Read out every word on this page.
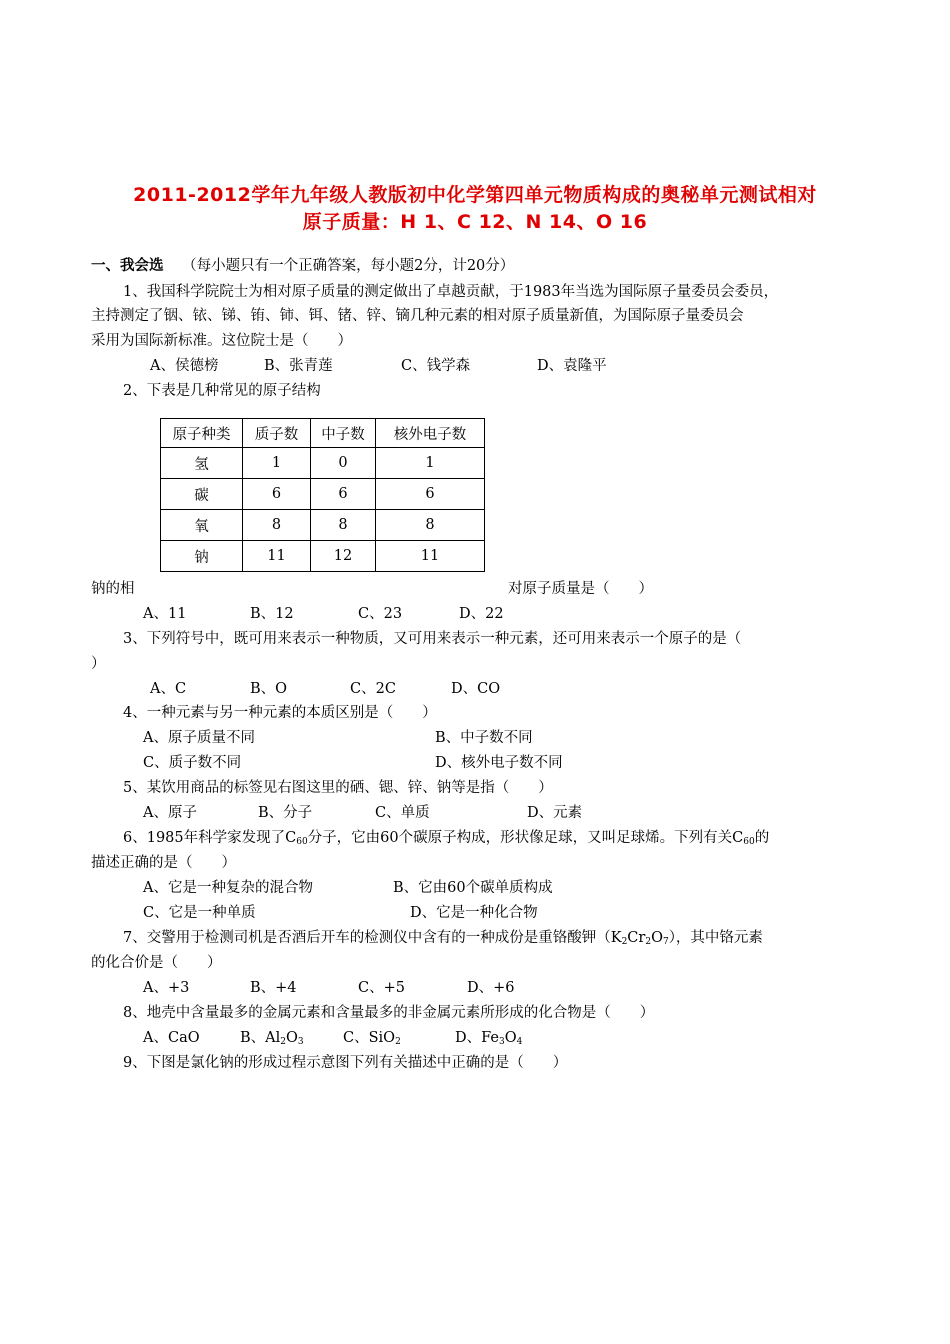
2011-2012学年九年级人教版初中化学第四单元物质构成的奥秘单元测试相对
原子质量：H 1、C 12、N 14、O 16
一、我会选 （每小题只有一个正确答案，每小题2分，计20分）
1、我国科学院院士为相对原子质量的测定做出了卓越贡献，于1983年当选为国际原子量委员会委员，
主持测定了铟、铱、锑、铕、铈、铒、锗、锌、镝几种元素的相对原子质量新值，为国际原子量委员会
采用为国际新标准。这位院士是（　　）
A、侯德榜	B、张青莲	C、钱学森	D、袁隆平
2、下表是几种常见的原子结构
原子种类	质子数	中子数	核外电子数
氢	1	0	1
碳	6	6	6
氧	8	8	8
钠	11	12	11
钠的相	对原子质量是（　　）
A、11	B、12	C、23	D、22
3、下列符号中，既可用来表示一种物质，又可用来表示一种元素，还可用来表示一个原子的是（
）
A、C	B、O	C、2C	D、CO
4、一种元素与另一种元素的本质区别是（　　）
A、原子质量不同	B、中子数不同
C、质子数不同	D、核外电子数不同
5、某饮用商品的标签见右图这里的硒、锶、锌、钠等是指（　　）
A、原子	B、分子	C、单质	D、元素
6、1985年科学家发现了$C_{60}$分子，它由60个碳原子构成，形状像足球，又叫足球烯。下列有关$C_{60}$的
描述正确的是（　　）
A、它是一种复杂的混合物	B、它由60个碳单质构成
C、它是一种单质	D、它是一种化合物
7、交警用于检测司机是否酒后开车的检测仪中含有的一种成份是重铬酸钾$(K_2Cr_2O_7)$，其中铬元素
的化合价是（　　）
A、+3	B、+4	C、+5	D、+6
8、地壳中含量最多的金属元素和含量最多的非金属元素所形成的化合物是（　　）
A、CaO	B、$Al_2O_3$	C、SiO$_2$	D、$Fe_3O_4$
9、下图是氯化钠的形成过程示意图下列有关描述中正确的是（　　）
